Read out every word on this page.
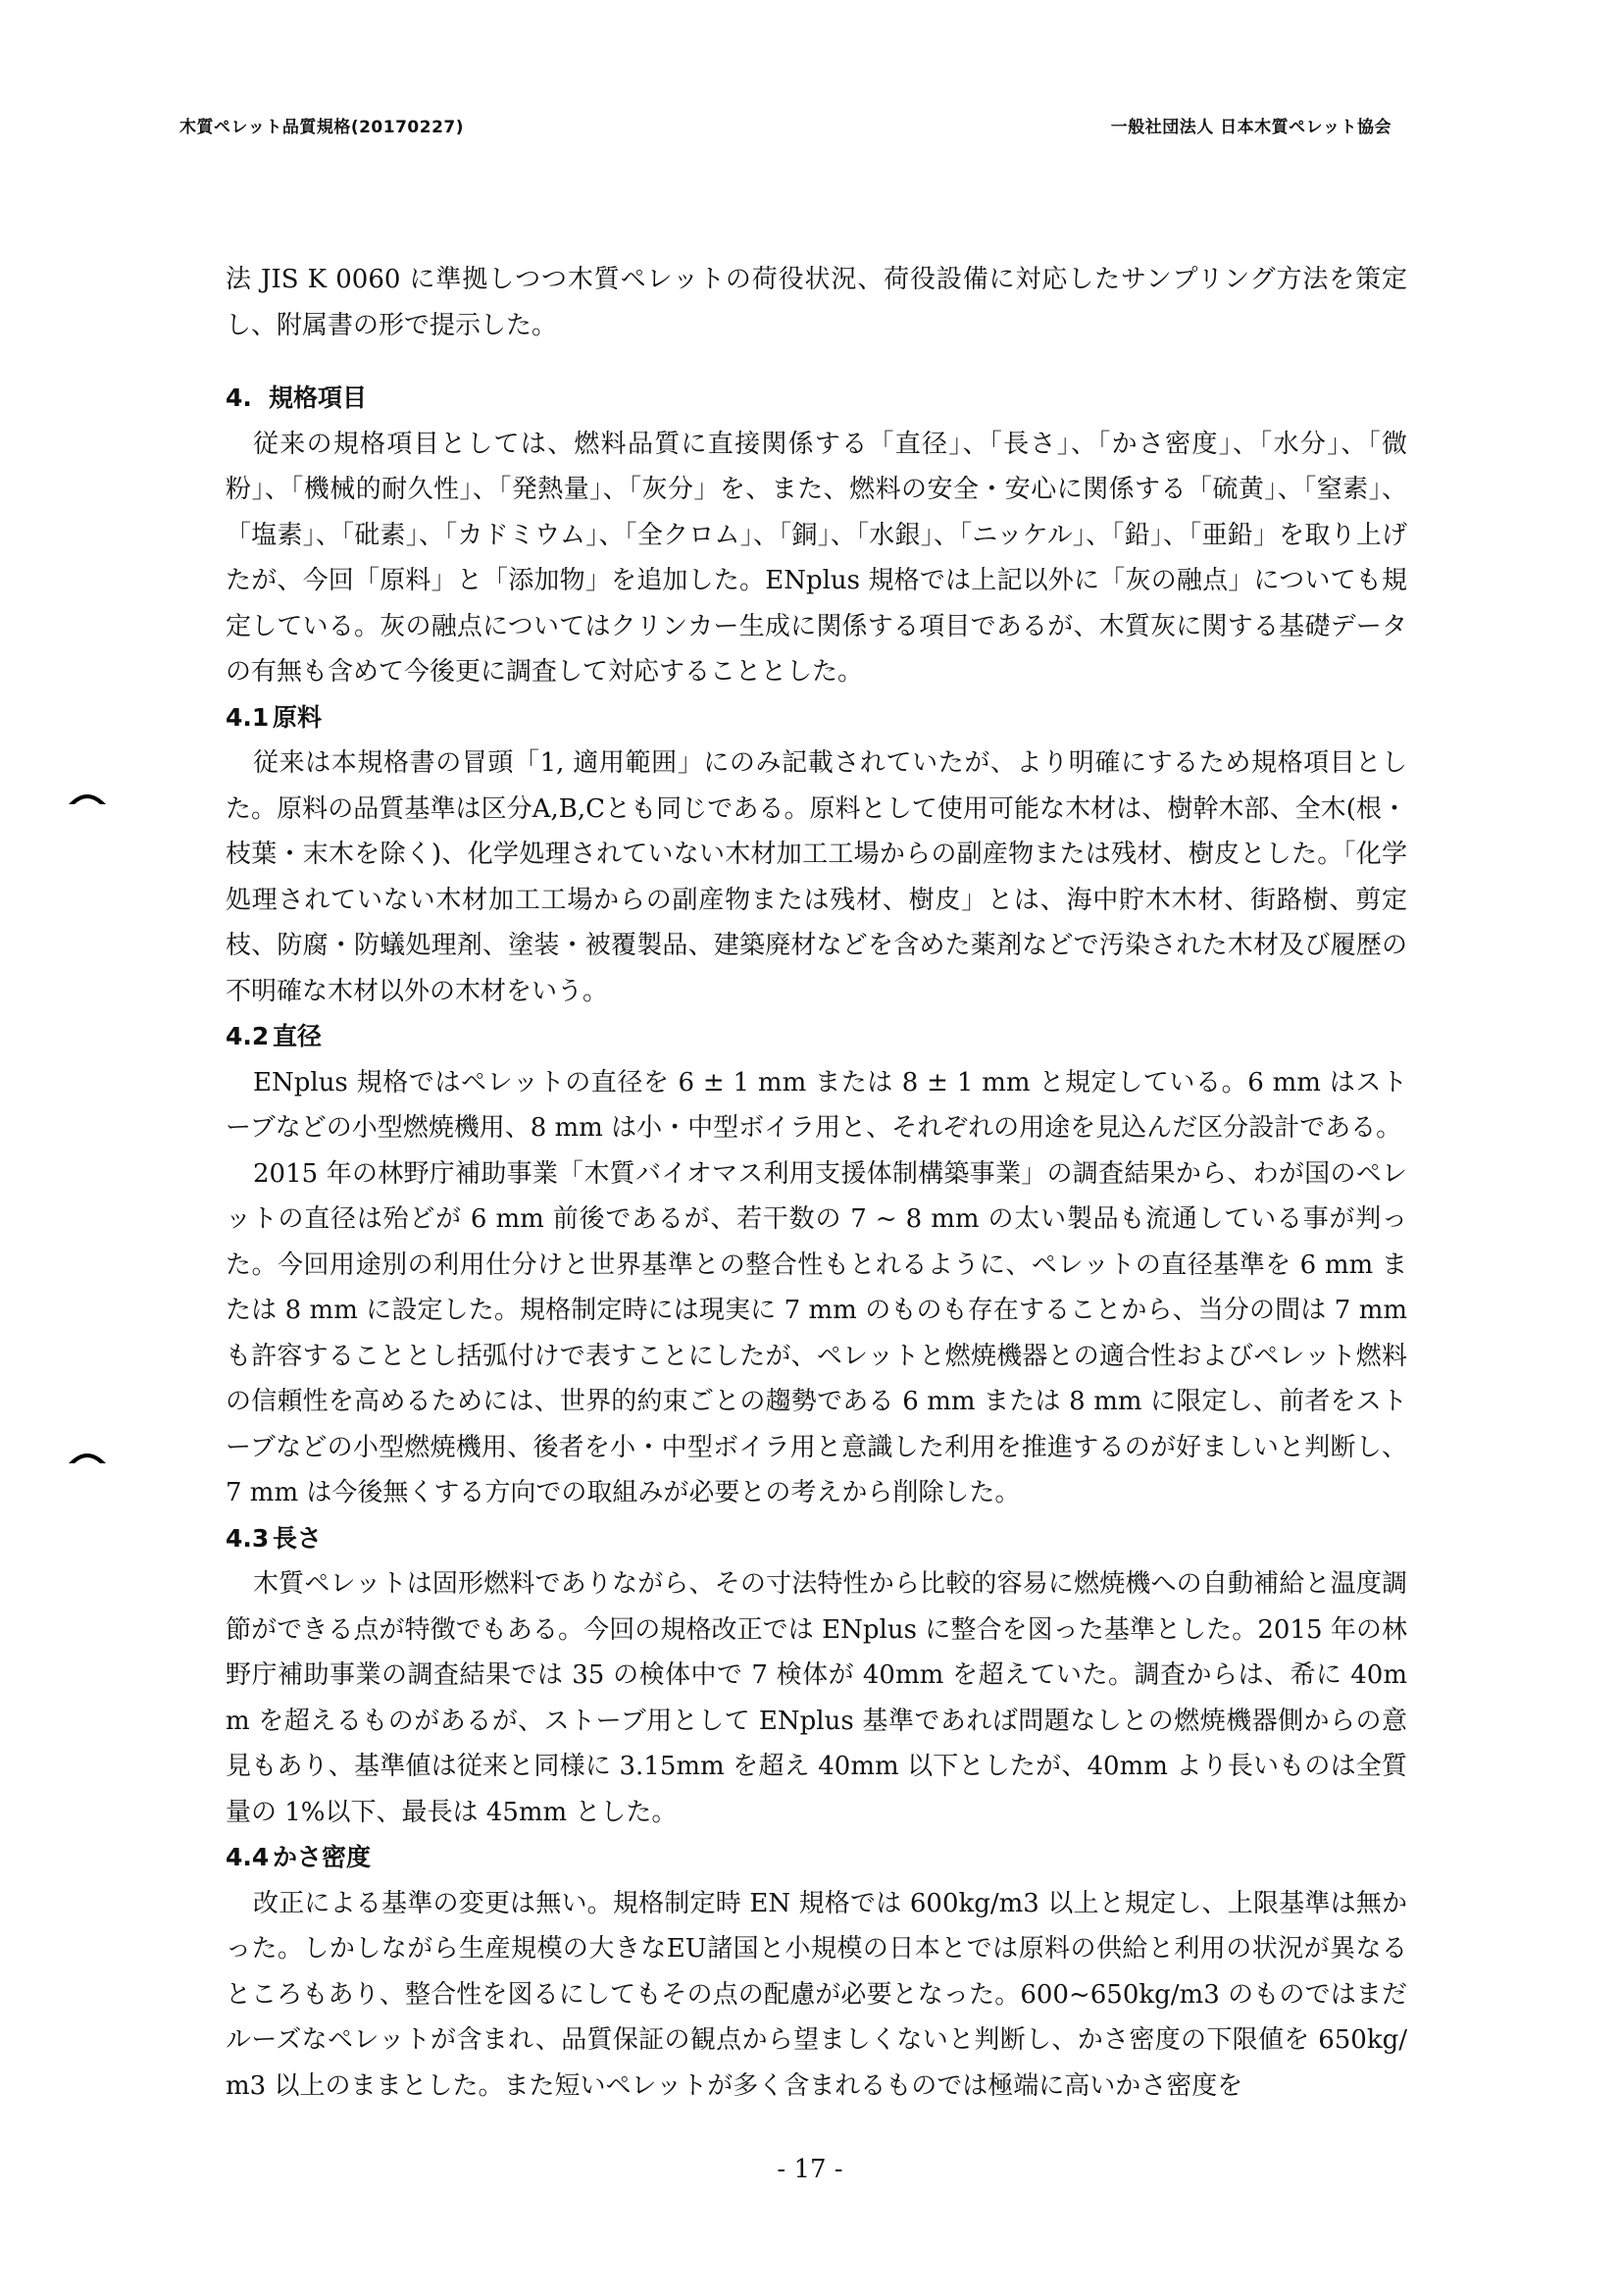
木質ペレット品質規格(20170227)	一般社団法人 日本木質ペレット協会

法 JIS K 0060 に準拠しつつ木質ペレットの荷役状況、荷役設備に対応したサンプリング方法を策定し、附属書の形で提示した。

4. 規格項目

従来の規格項目としては、燃料品質に直接関係する「直径」、「長さ」、「かさ密度」、「水分」、「微粉」、「機械的耐久性」、「発熱量」、「灰分」を、また、燃料の安全・安心に関係する「硫黄」、「窒素」、「塩素」、「砒素」、「カドミウム」、「全クロム」、「銅」、「水銀」、「ニッケル」、「鉛」、「亜鉛」を取り上げたが、今回「原料」と「添加物」を追加した。ENplus 規格では上記以外に「灰の融点」についても規定している。灰の融点についてはクリンカー生成に関係する項目であるが、木質灰に関する基礎データの有無も含めて今後更に調査して対応することとした。

4.1 原料

従来は本規格書の冒頭「1, 適用範囲」にのみ記載されていたが、より明確にするため規格項目とした。原料の品質基準は区分A,B,Cとも同じである。原料として使用可能な木材は、樹幹木部、全木(根・枝葉・末木を除く)、化学処理されていない木材加工工場からの副産物または残材、樹皮とした。「化学処理されていない木材加工工場からの副産物または残材、樹皮」とは、海中貯木木材、街路樹、剪定枝、防腐・防蟻処理剤、塗装・被覆製品、建築廃材などを含めた薬剤などで汚染された木材及び履歴の不明確な木材以外の木材をいう。

4.2 直径

ENplus 規格ではペレットの直径を 6 ± 1 mm または 8 ± 1 mm と規定している。6 mm はストーブなどの小型燃焼機用、8 mm は小・中型ボイラ用と、それぞれの用途を見込んだ区分設計である。

2015 年の林野庁補助事業「木質バイオマス利用支援体制構築事業」の調査結果から、わが国のペレットの直径は殆どが 6 mm 前後であるが、若干数の 7 ~ 8 mm の太い製品も流通している事が判った。今回用途別の利用仕分けと世界基準との整合性もとれるように、ペレットの直径基準を 6 mm または 8 mm に設定した。規格制定時には現実に 7 mm のものも存在することから、当分の間は 7 mm も許容することとし括弧付けで表すことにしたが、ペレットと燃焼機器との適合性およびペレット燃料の信頼性を高めるためには、世界的約束ごとの趨勢である 6 mm または 8 mm に限定し、前者をストーブなどの小型燃焼機用、後者を小・中型ボイラ用と意識した利用を推進するのが好ましいと判断し、7 mm は今後無くする方向での取組みが必要との考えから削除した。

4.3 長さ

木質ペレットは固形燃料でありながら、その寸法特性から比較的容易に燃焼機への自動補給と温度調節ができる点が特徴でもある。今回の規格改正では ENplus に整合を図った基準とした。2015 年の林野庁補助事業の調査結果では 35 の検体中で 7 検体が 40mm を超えていた。調査からは、希に 40mm を超えるものがあるが、ストーブ用として ENplus 基準であれば問題なしとの燃焼機器側からの意見もあり、基準値は従来と同様に 3.15mm を超え 40mm 以下としたが、40mm より長いものは全質量の 1%以下、最長は 45mm とした。

4.4 かさ密度

改正による基準の変更は無い。規格制定時 EN 規格では 600kg/m3 以上と規定し、上限基準は無かった。しかしながら生産規模の大きなEU諸国と小規模の日本とでは原料の供給と利用の状況が異なるところもあり、整合性を図るにしてもその点の配慮が必要となった。600~650kg/m3 のものではまだルーズなペレットが含まれ、品質保証の観点から望ましくないと判断し、かさ密度の下限値を 650kg/m3 以上のままとした。また短いペレットが多く含まれるものでは極端に高いかさ密度を

- 17 -
